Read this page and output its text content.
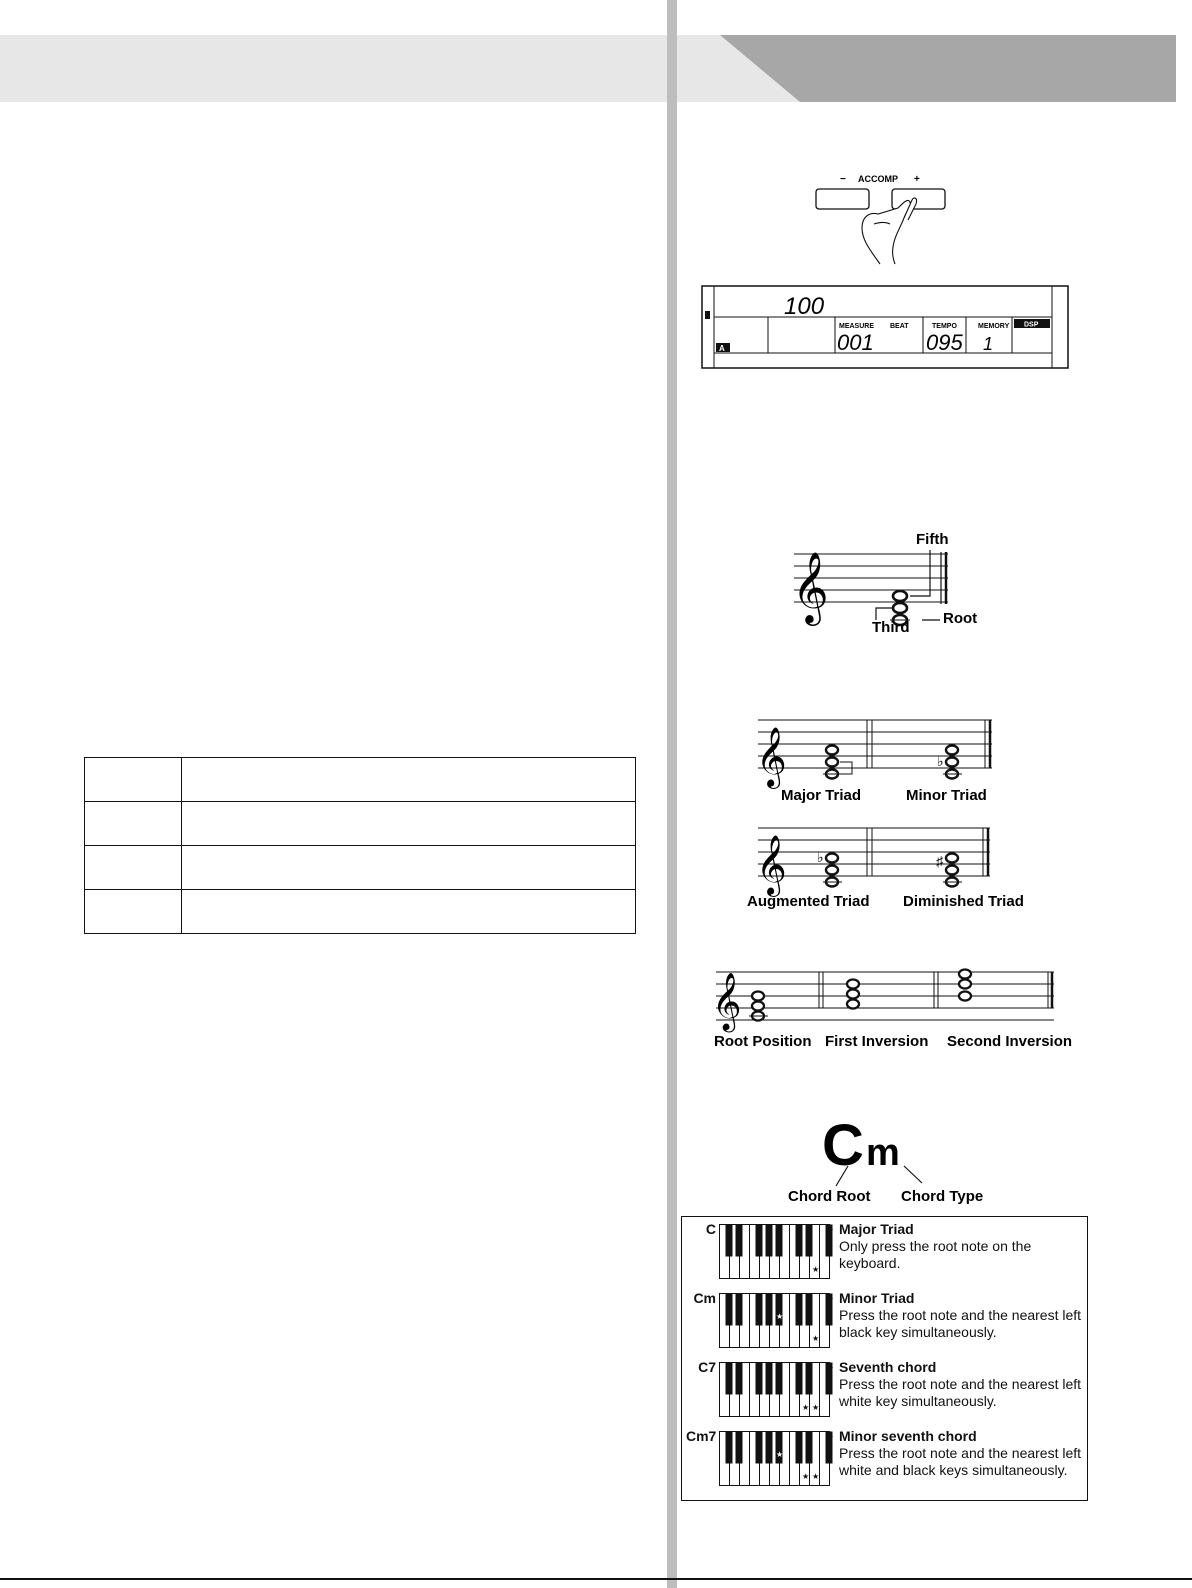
− ACCOMP +
100
MEASURE BEAT	TEMPO	MEMORY DSP
001 095 1
A
𝄞
Fifth
Third
Root
𝄞	♭
Major Triad	Minor Triad
𝄞 ♭	♯
Augmented Triad Diminished Triad
𝄞
Root Position First Inversion Second Inversion
C m
Chord Root Chord Type
C
★
★ Major Triad
Only press the root note on the keyboard.
Cm
★
★
★ Minor Triad
Press the root note and the nearest left black key simultaneously.
C7
★ ★
★ Seventh chord
Press the root note and the nearest left white key simultaneously.
Cm7
★
★ ★
★ Minor seventh chord
Press the root note and the nearest left white and black keys simultaneously.
